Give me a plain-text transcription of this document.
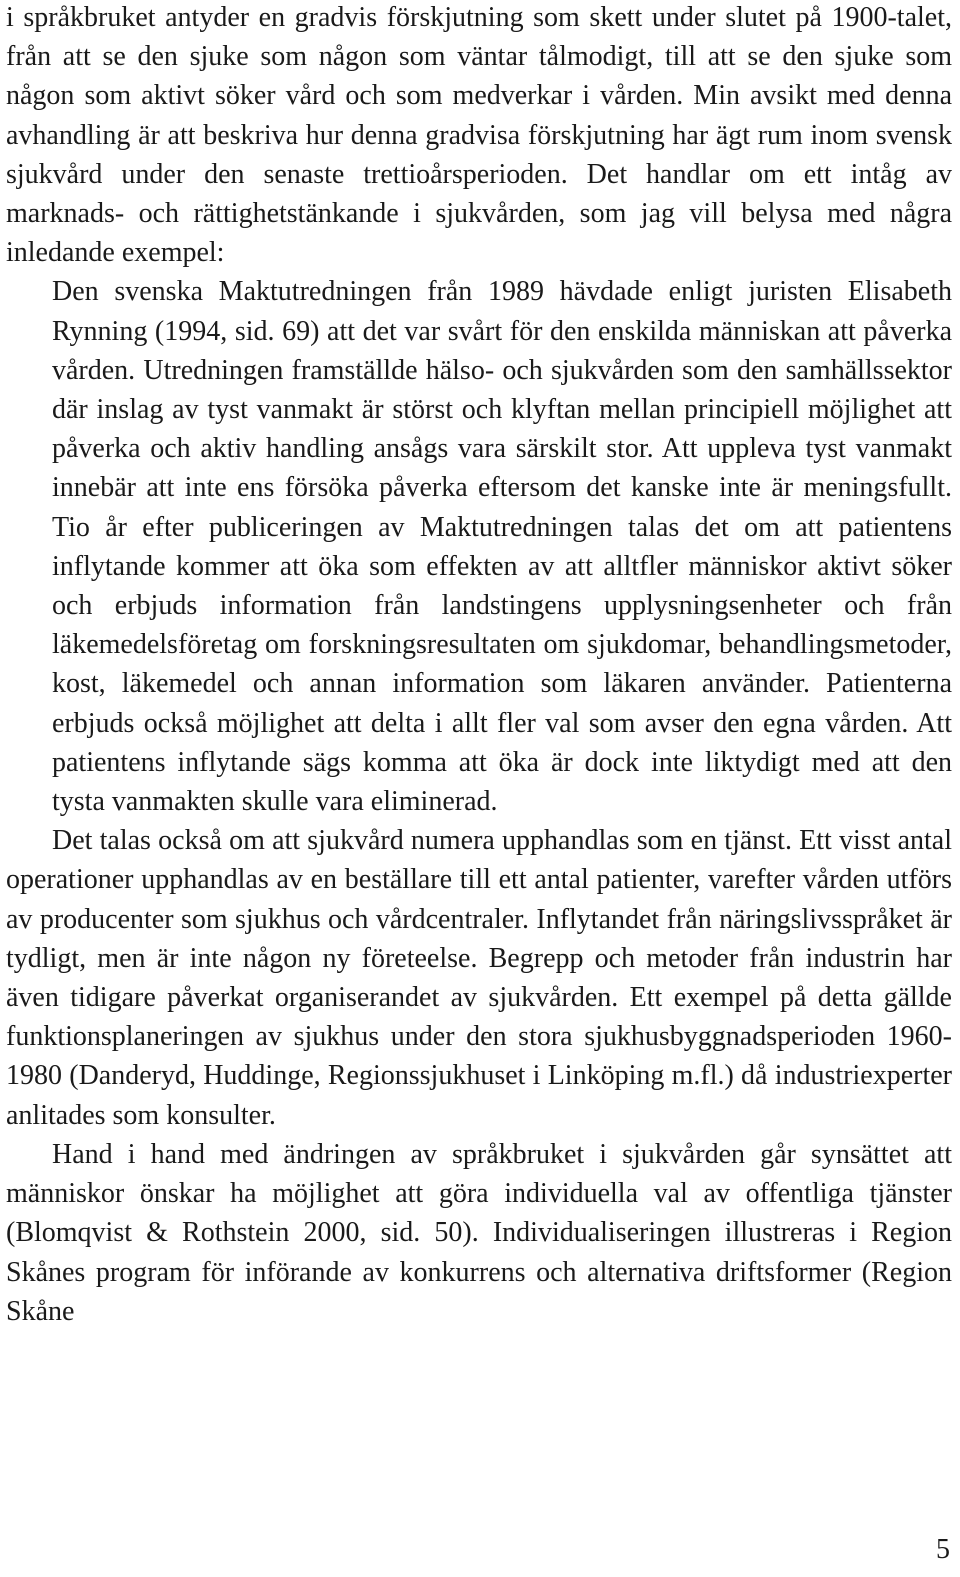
i språkbruket antyder en gradvis förskjutning som skett under slutet på 1900-talet, från att se den sjuke som någon som väntar tålmodigt, till att se den sjuke som någon som aktivt söker vård och som medverkar i vården. Min avsikt med denna avhandling är att beskriva hur denna gradvisa förskjutning har ägt rum inom svensk sjukvård under den senaste trettioårsperioden. Det handlar om ett intåg av marknads- och rättighetstänkande i sjukvården, som jag vill belysa med några inledande exempel:

Den svenska Maktutredningen från 1989 hävdade enligt juristen Elisabeth Rynning (1994, sid. 69) att det var svårt för den enskilda människan att påverka vården. Utredningen framställde hälso- och sjukvården som den samhällssektor där inslag av tyst vanmakt är störst och klyftan mellan principiell möjlighet att påverka och aktiv handling ansågs vara särskilt stor. Att uppleva tyst vanmakt innebär att inte ens försöka påverka eftersom det kanske inte är meningsfullt. Tio år efter publiceringen av Maktutredningen talas det om att patientens inflytande kommer att öka som effekten av att alltfler människor aktivt söker och erbjuds information från landstingens upplysningsenheter och från läkemedelsföretag om forskningsresultaten om sjukdomar, behandlingsmetoder, kost, läkemedel och annan information som läkaren använder. Patienterna erbjuds också möjlighet att delta i allt fler val som avser den egna vården. Att patientens inflytande sägs komma att öka är dock inte liktydigt med att den tysta vanmakten skulle vara eliminerad.

Det talas också om att sjukvård numera upphandlas som en tjänst. Ett visst antal operationer upphandlas av en beställare till ett antal patienter, varefter vården utförs av producenter som sjukhus och vårdcentraler. Inflytandet från näringslivsspråket är tydligt, men är inte någon ny företeelse. Begrepp och metoder från industrin har även tidigare påverkat organiserandet av sjukvården. Ett exempel på detta gällde funktionsplaneringen av sjukhus under den stora sjukhusbyggnadsperioden 1960-1980 (Danderyd, Huddinge, Regionssjukhuset i Linköping m.fl.) då industriexperter anlitades som konsulter.

Hand i hand med ändringen av språkbruket i sjukvården går synsättet att människor önskar ha möjlighet att göra individuella val av offentliga tjänster (Blomqvist & Rothstein 2000, sid. 50). Individualiseringen illustreras i Region Skånes program för införande av konkurrens och alternativa driftsformer (Region Skåne

5
